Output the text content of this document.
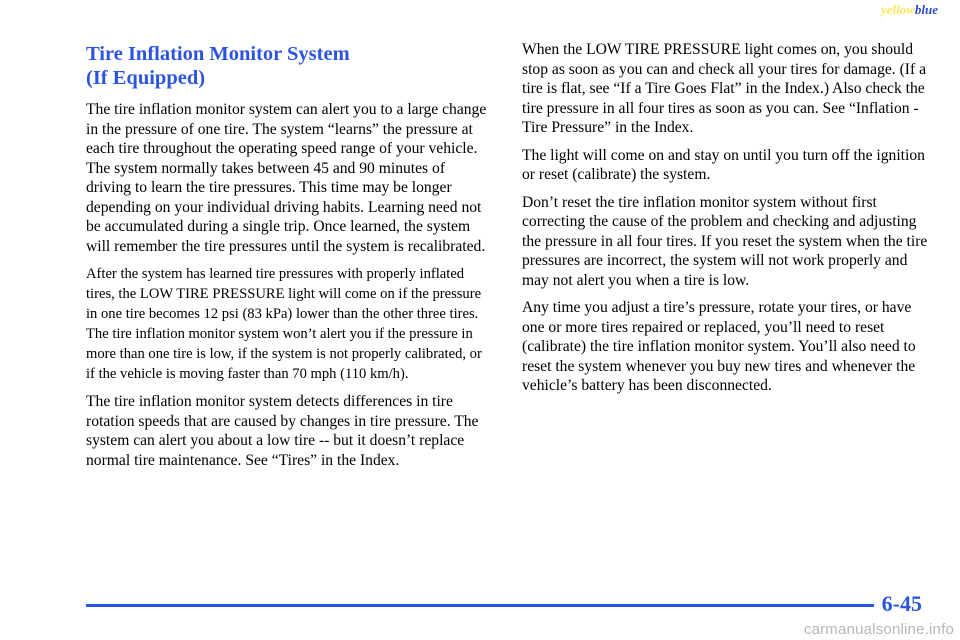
yellowblue
Tire Inflation Monitor System
(If Equipped)

The tire inflation monitor system can alert you to a large change in the pressure of one tire. The system “learns” the pressure at each tire throughout the operating speed range of your vehicle. The system normally takes between 45 and 90 minutes of driving to learn the tire pressures. This time may be longer depending on your individual driving habits. Learning need not be accumulated during a single trip. Once learned, the system will remember the tire pressures until the system is recalibrated.

After the system has learned tire pressures with properly inflated tires, the LOW TIRE PRESSURE light will come on if the pressure in one tire becomes 12 psi (83 kPa) lower than the other three tires. The tire inflation monitor system won’t alert you if the pressure in more than one tire is low, if the system is not properly calibrated, or if the vehicle is moving faster than 70 mph (110 km/h).

The tire inflation monitor system detects differences in tire rotation speeds that are caused by changes in tire pressure. The system can alert you about a low tire -- but it doesn’t replace normal tire maintenance. See “Tires” in the Index.

When the LOW TIRE PRESSURE light comes on, you should stop as soon as you can and check all your tires for damage. (If a tire is flat, see “If a Tire Goes Flat” in the Index.) Also check the tire pressure in all four tires as soon as you can. See “Inflation - Tire Pressure” in the Index.

The light will come on and stay on until you turn off the ignition or reset (calibrate) the system.

Don’t reset the tire inflation monitor system without first correcting the cause of the problem and checking and adjusting the pressure in all four tires. If you reset the system when the tire pressures are incorrect, the system will not work properly and may not alert you when a tire is low.

Any time you adjust a tire’s pressure, rotate your tires, or have one or more tires repaired or replaced, you’ll need to reset (calibrate) the tire inflation monitor system. You’ll also need to reset the system whenever you buy new tires and whenever the vehicle’s battery has been disconnected.

6-45
carmanualsonline.info
